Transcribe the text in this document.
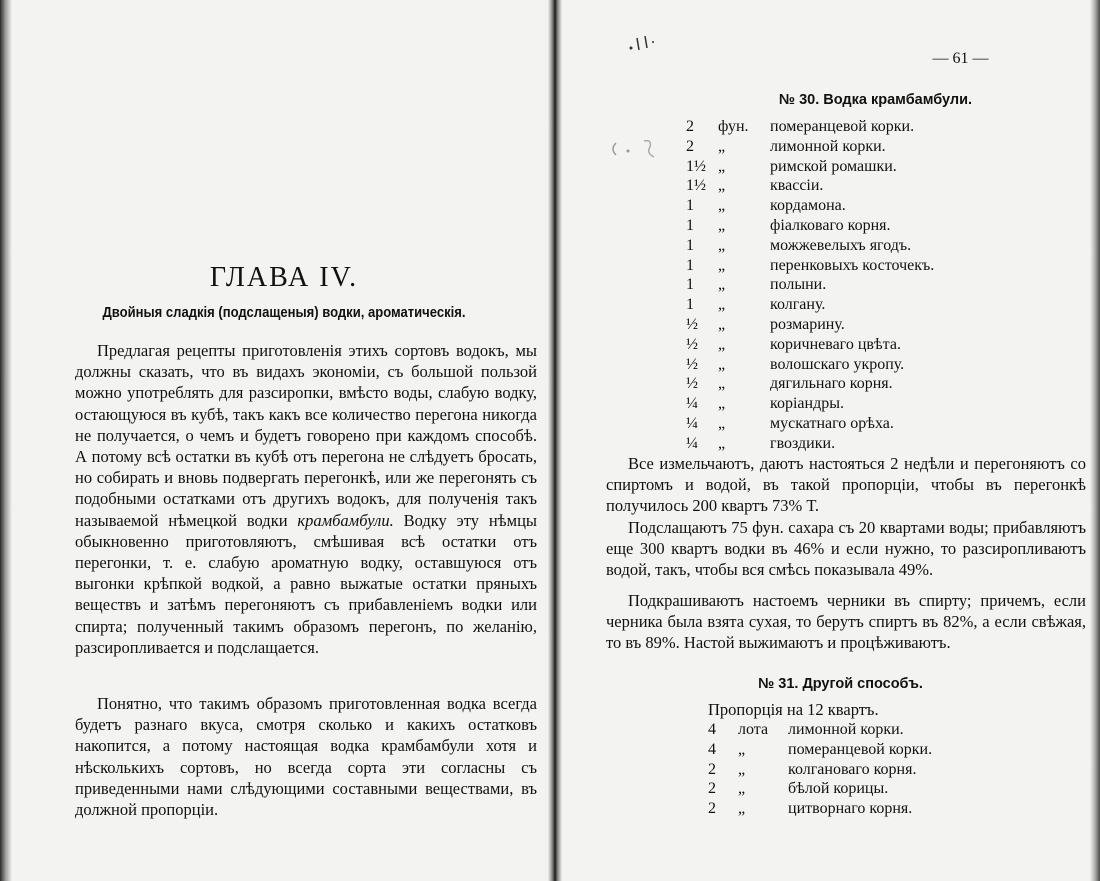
ГЛАВА IV.
Двойныя сладкія (подслащеныя) водки, ароматическія.

Предлагая рецепты приготовленія этихъ сортовъ водокъ, мы должны сказать, что въ видахъ экономіи, съ большой пользой можно употреблять для разсиропки, вмѣсто воды, слабую водку, остающуюся въ кубѣ, такъ какъ все количество перегона никогда не получается, о чемъ и будетъ говорено при каждомъ способѣ. А потому всѣ остатки въ кубѣ отъ перегона не слѣдуетъ бросать, но собирать и вновь подвергать перегонкѣ, или же перегонять съ подобными остатками отъ другихъ водокъ, для полученія такъ называемой нѣмецкой водки крамбамбули. Водку эту нѣмцы обыкновенно приготовляютъ, смѣшивая всѣ остатки отъ перегонки, т. е. слабую ароматную водку, оставшуюся отъ выгонки крѣпкой водкой, а равно выжатые остатки пряныхъ веществъ и затѣмъ перегоняютъ съ прибавленіемъ водки или спирта; полученный такимъ образомъ перегонъ, по желанію, разсиропливается и подслащается.

Понятно, что такимъ образомъ приготовленная водка всегда будетъ разнаго вкуса, смотря сколько и какихъ остатковъ накопится, а потому настоящая водка крамбамбули хотя и нѣсколькихъ сортовъ, но всегда сорта эти согласны съ приведенными нами слѣдующими составными веществами, въ должной пропорціи.

— 61 —
№ 30. Водка крамбамбули.
2	фун.	померанцевой корки.
2	„	лимонной корки.
1½ „	римской ромашки.
1½ „	квассіи.
1	„	кордамона.
1	„	фіалковаго корня.
1	„	можжевелыхъ ягодъ.
1	„	перенковыхъ косточекъ.
1	„	полыни.
1	„	колгану.
½	„	розмарину.
½	„	коричневаго цвѣта.
½	„	волошскаго укропу.
½	„	дягильнаго корня.
¼	„	коріандры.
¼	„	мускатнаго орѣха.
¼	„	гвоздики.

Все измельчаютъ, даютъ настояться 2 недѣли и перегоняютъ со спиртомъ и водой, въ такой пропорціи, чтобы въ перегонкѣ получилось 200 квартъ 73% Т.

Подслащаютъ 75 фун. сахара съ 20 квартами воды; прибавляютъ еще 300 квартъ водки въ 46% и если нужно, то разсиропливаютъ водой, такъ, чтобы вся смѣсь показывала 49%.

Подкрашиваютъ настоемъ черники въ спирту; причемъ, если черника была взята сухая, то берутъ спиртъ въ 82%, а если свѣжая, то въ 89%. Настой выжимаютъ и процѣживаютъ.

№ 31. Другой способъ.
Пропорція на 12 квартъ.
4	лота	лимонной корки.
4	„	померанцевой корки.
2	„	колгановаго корня.
2	„	бѣлой корицы.
2	„	цитворнаго корня.
